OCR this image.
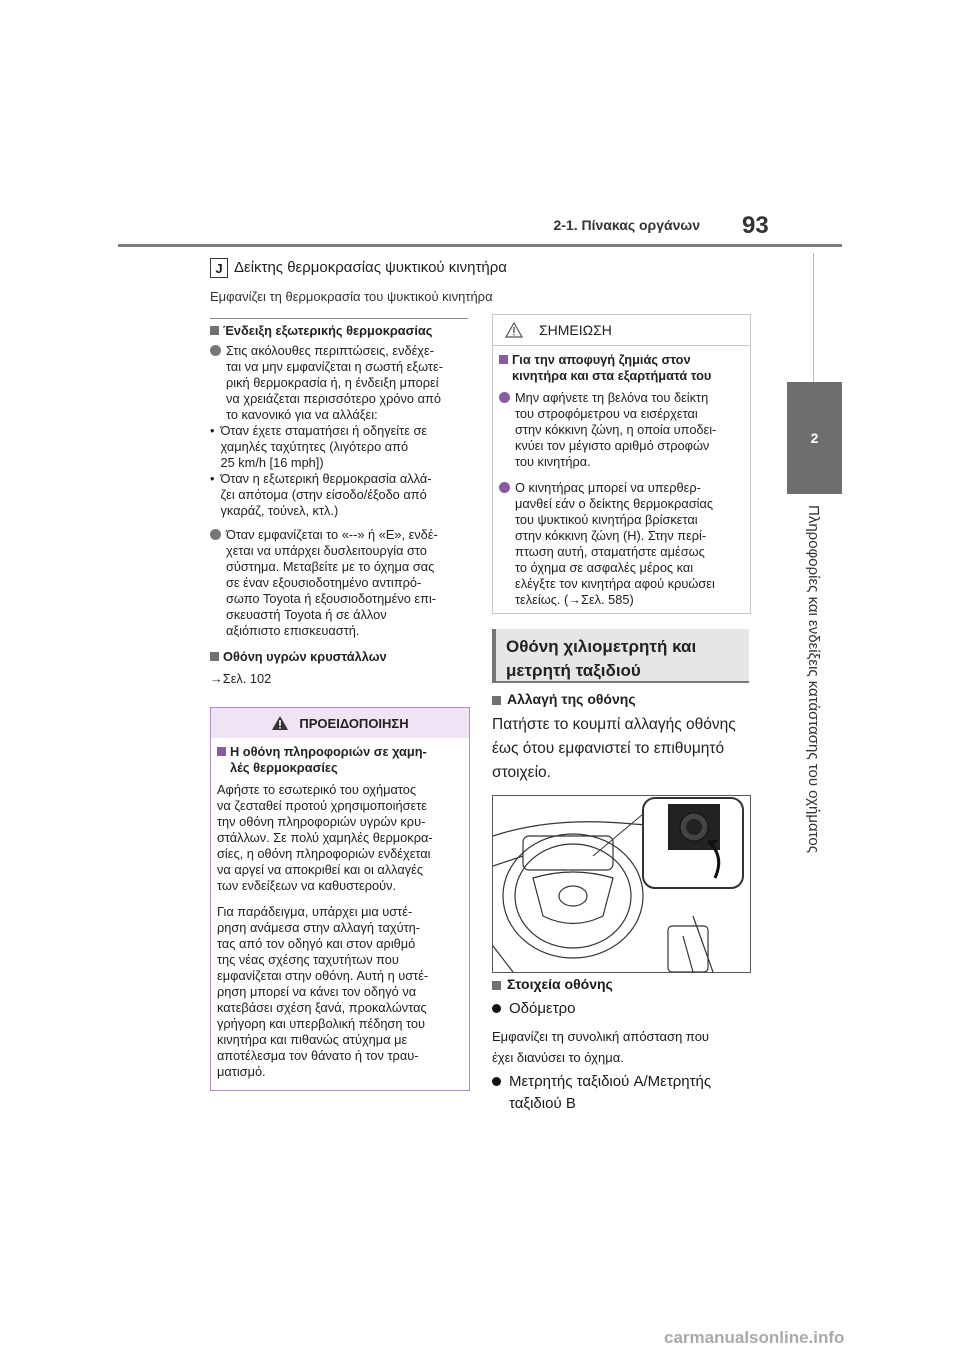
2-1. Πίνακας οργάνων 93
2
Πληροφορίες και ενδείξεις κατάστασης του οχήματος
J Δείκτης θερμοκρασίας ψυκτικού κινητήρα
Εμφανίζει τη θερμοκρασία του ψυκτικού κινητήρα
Ένδειξη εξωτερικής θερμοκρασίας
Στις ακόλουθες περιπτώσεις, ενδέχε-
ται να μην εμφανίζεται η σωστή εξωτε-
ρική θερμοκρασία ή, η ένδειξη μπορεί
να χρειάζεται περισσότερο χρόνο από
το κανονικό για να αλλάξει:
• Όταν έχετε σταματήσει ή οδηγείτε σε
χαμηλές ταχύτητες (λιγότερο από
25 km/h [16 mph])
• Όταν η εξωτερική θερμοκρασία αλλά-
ζει απότομα (στην είσοδο/έξοδο από
γκαράζ, τούνελ, κτλ.)
Όταν εμφανίζεται το «--» ή «E», ενδέ-
χεται να υπάρχει δυσλειτουργία στο
σύστημα. Μεταβείτε με το όχημα σας
σε έναν εξουσιοδοτημένο αντιπρό-
σωπο Toyota ή εξουσιοδοτημένο επι-
σκευαστή Toyota ή σε άλλον
αξιόπιστο επισκευαστή.
Οθόνη υγρών κρυστάλλων
→Σελ. 102
ΠΡΟΕΙΔΟΠΟΙΗΣΗ
Η οθόνη πληροφοριών σε χαμη-
λές θερμοκρασίες
Αφήστε το εσωτερικό του οχήματος
να ζεσταθεί προτού χρησιμοποιήσετε
την οθόνη πληροφοριών υγρών κρυ-
στάλλων. Σε πολύ χαμηλές θερμοκρα-
σίες, η οθόνη πληροφοριών ενδέχεται
να αργεί να αποκριθεί και οι αλλαγές
των ενδείξεων να καθυστερούν.
Για παράδειγμα, υπάρχει μια υστέ-
ρηση ανάμεσα στην αλλαγή ταχύτη-
τας από τον οδηγό και στον αριθμό
της νέας σχέσης ταχυτήτων που
εμφανίζεται στην οθόνη. Αυτή η υστέ-
ρηση μπορεί να κάνει τον οδηγό να
κατεβάσει σχέση ξανά, προκαλώντας
γρήγορη και υπερβολική πέδηση του
κινητήρα και πιθανώς ατύχημα με
αποτέλεσμα τον θάνατο ή τον τραυ-
ματισμό.
ΣΗΜΕΙΩΣΗ
Για την αποφυγή ζημιάς στον
κινητήρα και στα εξαρτήματά του
Μην αφήνετε τη βελόνα του δείκτη
του στροφόμετρου να εισέρχεται
στην κόκκινη ζώνη, η οποία υποδει-
κνύει τον μέγιστο αριθμό στροφών
του κινητήρα.
Ο κινητήρας μπορεί να υπερθερ-
μανθεί εάν ο δείκτης θερμοκρασίας
του ψυκτικού κινητήρα βρίσκεται
στην κόκκινη ζώνη (H). Στην περί-
πτωση αυτή, σταματήστε αμέσως
το όχημα σε ασφαλές μέρος και
ελέγξτε τον κινητήρα αφού κρυώσει
τελείως. (→Σελ. 585)
Οθόνη χιλιομετρητή και
μετρητή ταξιδιού
Αλλαγή της οθόνης
Πατήστε το κουμπί αλλαγής οθόνης
έως ότου εμφανιστεί το επιθυμητό
στοιχείο.
Στοιχεία οθόνης
Οδόμετρο
Εμφανίζει τη συνολική απόσταση που
έχει διανύσει το όχημα.
Μετρητής ταξιδιού A/Μετρητής
ταξιδιού B
carmanualsonline.info
